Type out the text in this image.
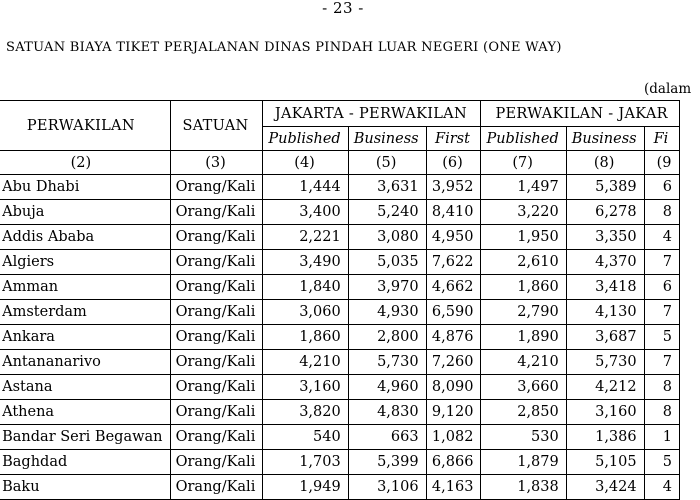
- 23 -
SATUAN BIAYA TIKET PERJALANAN DINAS PINDAH LUAR NEGERI (ONE WAY)
(dalam
	PERWAKILAN	SATUAN	JAKARTA - PERWAKILAN			PERWAKILAN - JAKAR		
			Published	Business	First	Published	Business	Fi
	(2)	(3)	(4)	(5)	(6)	(7)	(8)	(9
	Abu Dhabi	Orang/Kali	1,444	3,631	3,952	1,497	5,389	6
	Abuja	Orang/Kali	3,400	5,240	8,410	3,220	6,278	8
	Addis Ababa	Orang/Kali	2,221	3,080	4,950	1,950	3,350	4
	Algiers	Orang/Kali	3,490	5,035	7,622	2,610	4,370	7
	Amman	Orang/Kali	1,840	3,970	4,662	1,860	3,418	6
	Amsterdam	Orang/Kali	3,060	4,930	6,590	2,790	4,130	7
	Ankara	Orang/Kali	1,860	2,800	4,876	1,890	3,687	5
	Antananarivo	Orang/Kali	4,210	5,730	7,260	4,210	5,730	7
	Astana	Orang/Kali	3,160	4,960	8,090	3,660	4,212	8
	Athena	Orang/Kali	3,820	4,830	9,120	2,850	3,160	8
	Bandar Seri Begawan	Orang/Kali	540	663	1,082	530	1,386	1
	Baghdad	Orang/Kali	1,703	5,399	6,866	1,879	5,105	5
	Baku	Orang/Kali	1,949	3,106	4,163	1,838	3,424	4
